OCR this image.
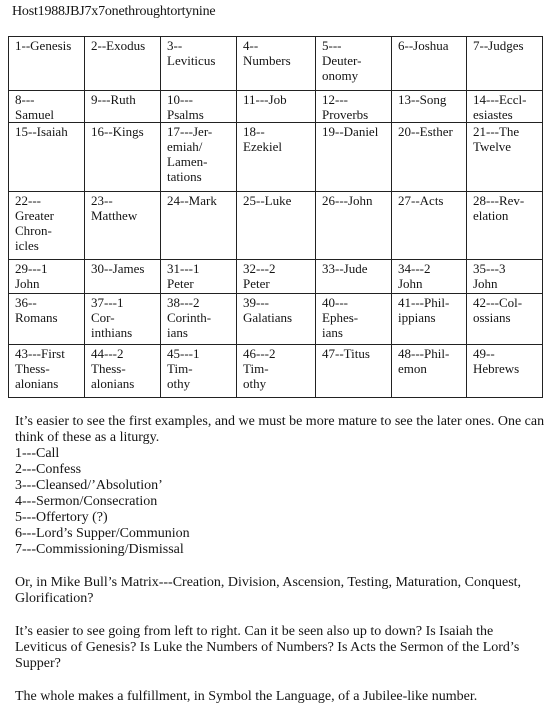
Host1988JBJ7x7onethroughtortynine
1--Genesis	2--Exodus	3--
Leviticus	4--
Numbers	5---
Deuter-
onomy	6--Joshua	7--Judges
8---
Samuel	9---Ruth	10---
Psalms	11---Job	12---
Proverbs	13--Song	14---Eccl-
esiastes
15--Isaiah	16--Kings	17---Jer-
emiah/
Lamen-
tations	18--
Ezekiel	19--Daniel	20--Esther	21---The
Twelve
22---
Greater
Chron-
icles	23--
Matthew	24--Mark	25--Luke	26---John	27--Acts	28---Rev-
elation
29---1
John	30--James	31---1
Peter	32---2
Peter	33--Jude	34---2
John	35---3
John
36--
Romans	37---1
Cor-
inthians	38---2
Corinth-
ians	39---
Galatians	40---
Ephes-
ians	41---Phil-
ippians	42---Col-
ossians
43---First
Thess-
alonians	44---2
Thess-
alonians	45---1
Tim-
othy	46---2
Tim-
othy	47--Titus	48---Phil-
emon	49--
Hebrews

It’s easier to see the first examples, and we must be more mature to see the later ones. One can think of these as a liturgy.

1---Call
2---Confess
3---Cleansed/’Absolution’
4---Sermon/Consecration
5---Offertory (?)
6---Lord’s Supper/Communion
7---Commissioning/Dismissal

Or, in Mike Bull’s Matrix---Creation, Division, Ascension, Testing, Maturation, Conquest, Glorification?

It’s easier to see going from left to right. Can it be seen also up to down? Is Isaiah the Leviticus of Genesis? Is Luke the Numbers of Numbers? Is Acts the Sermon of the Lord’s Supper?

The whole makes a fulfillment, in Symbol the Language, of a Jubilee-like number.
